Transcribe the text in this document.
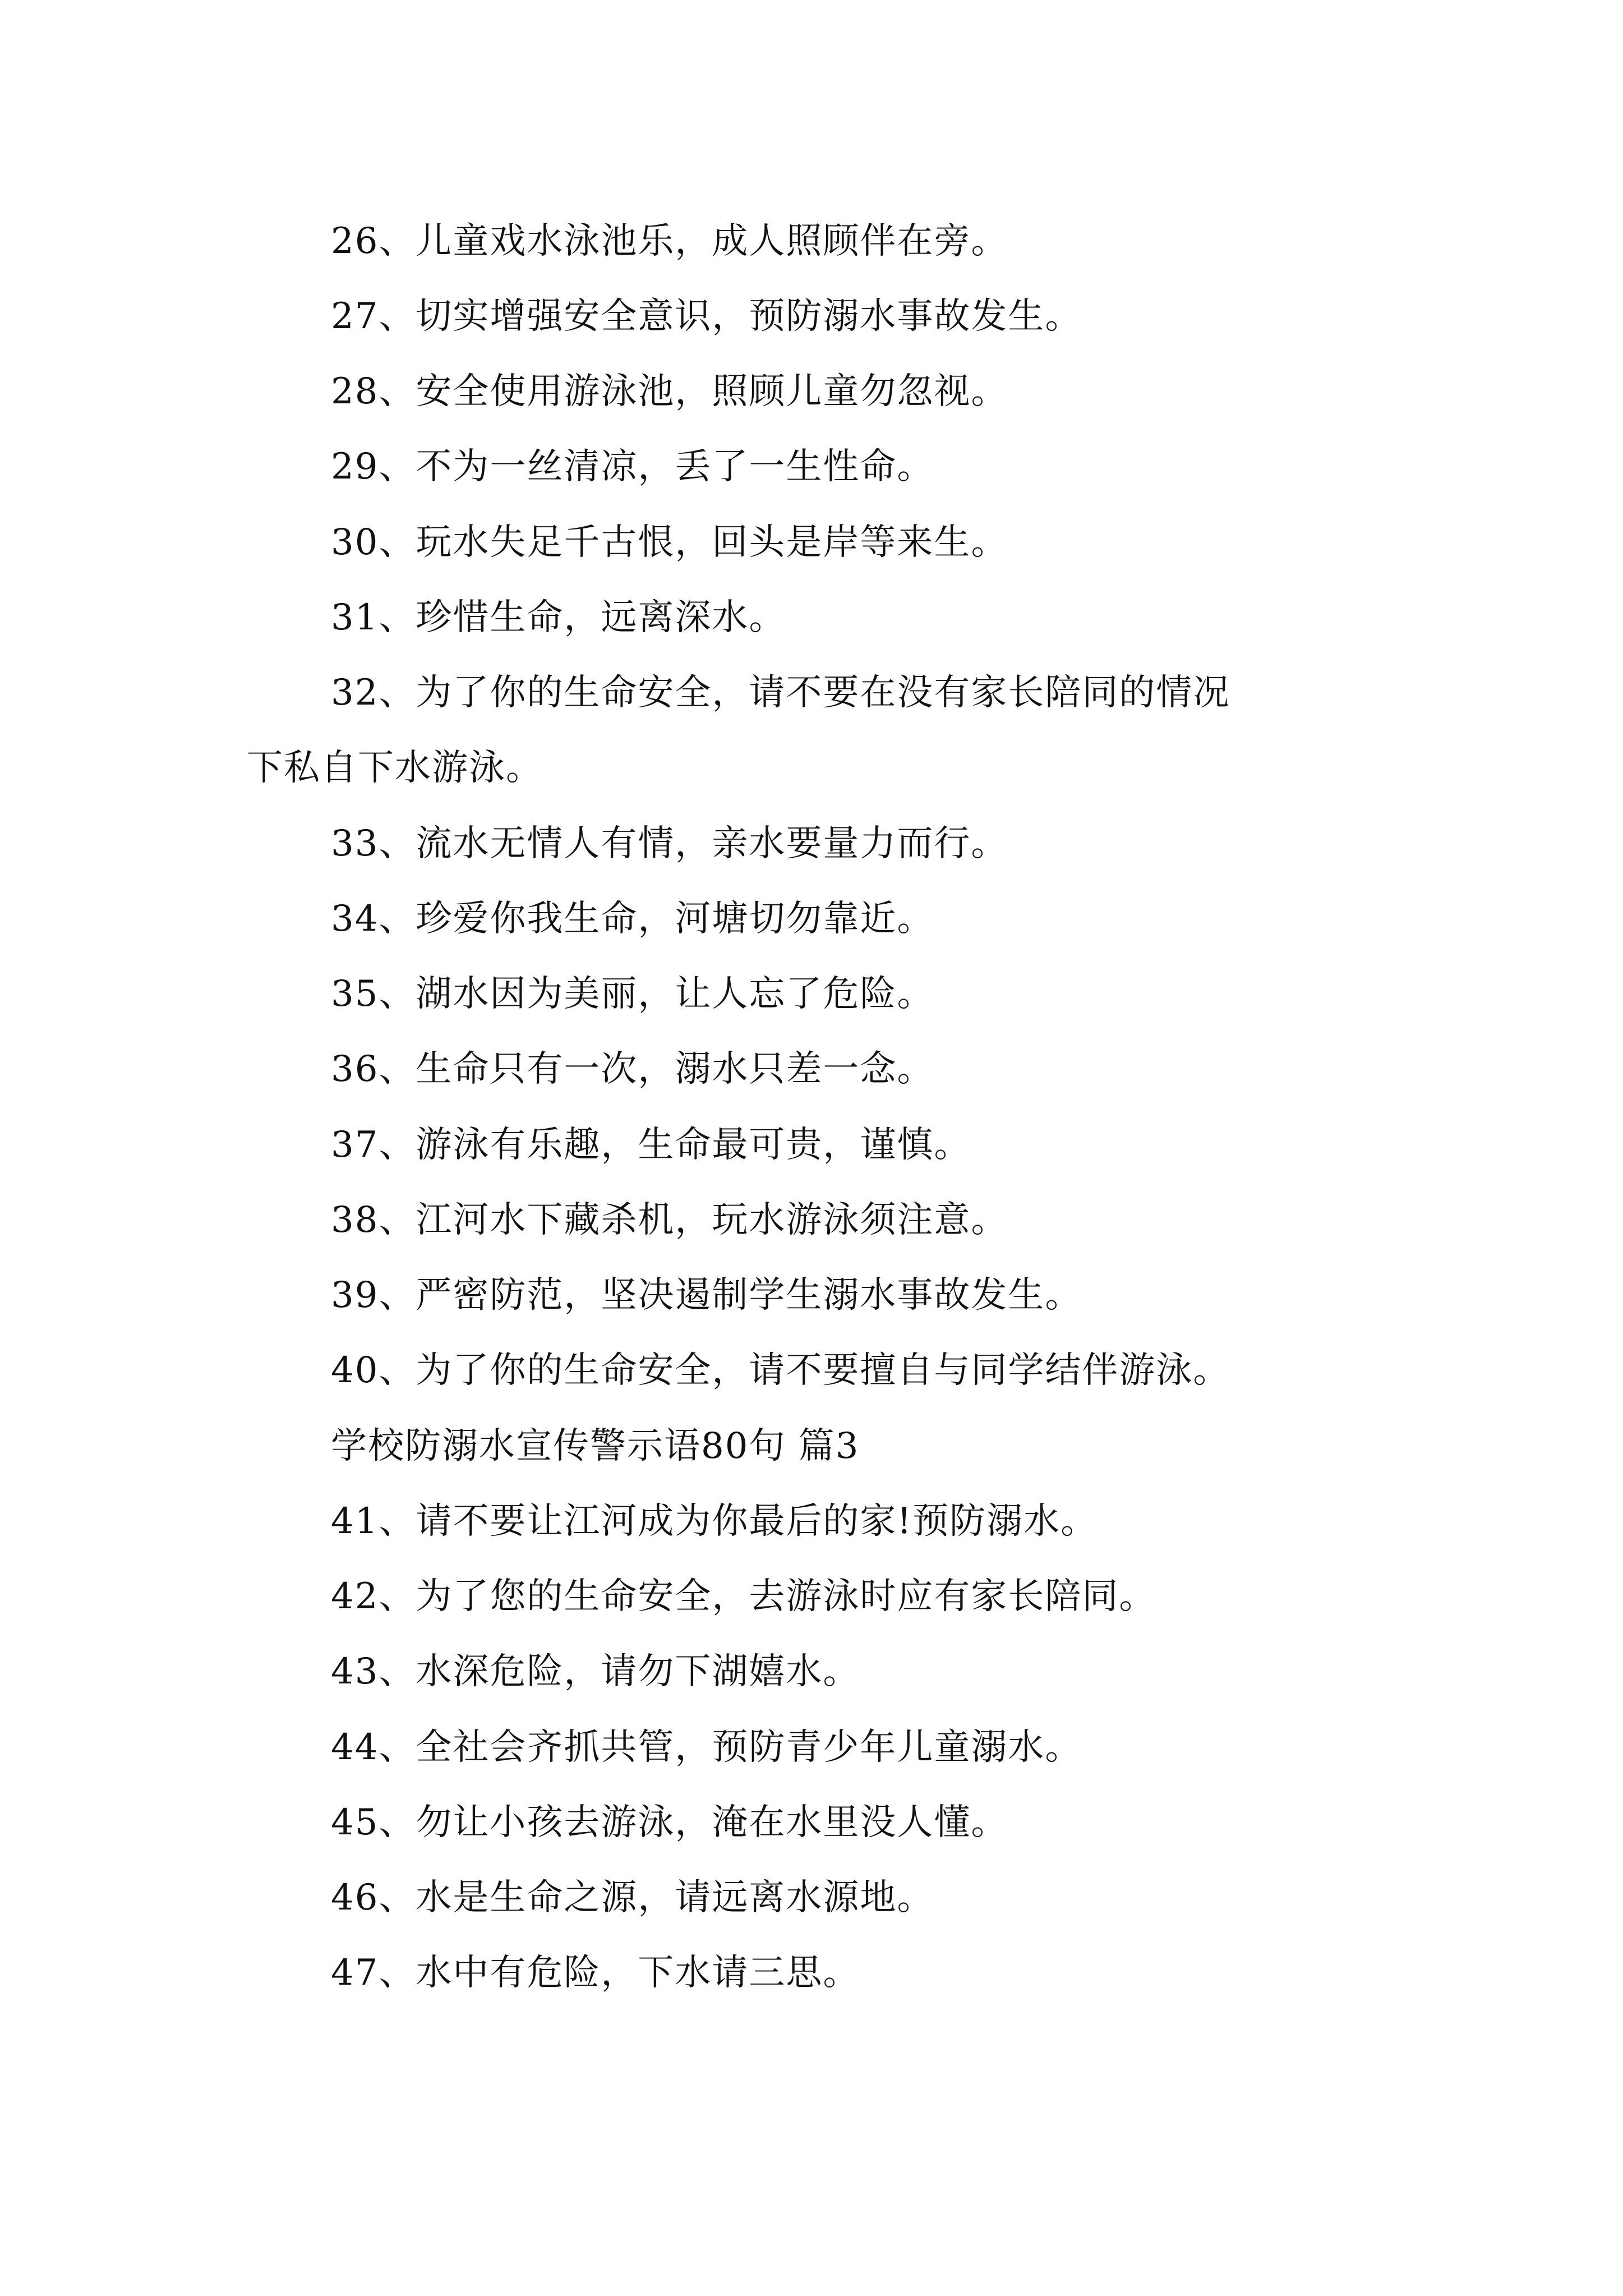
26、儿童戏水泳池乐，成人照顾伴在旁。
27、切实增强安全意识，预防溺水事故发生。
28、安全使用游泳池，照顾儿童勿忽视。
29、不为一丝清凉，丢了一生性命。
30、玩水失足千古恨，回头是岸等来生。
31、珍惜生命，远离深水。
32、为了你的生命安全，请不要在没有家长陪同的情况
下私自下水游泳。
33、流水无情人有情，亲水要量力而行。
34、珍爱你我生命，河塘切勿靠近。
35、湖水因为美丽，让人忘了危险。
36、生命只有一次，溺水只差一念。
37、游泳有乐趣，生命最可贵，谨慎。
38、江河水下藏杀机，玩水游泳须注意。
39、严密防范，坚决遏制学生溺水事故发生。
40、为了你的生命安全，请不要擅自与同学结伴游泳。
学校防溺水宣传警示语80句 篇3
41、请不要让江河成为你最后的家!预防溺水。
42、为了您的生命安全，去游泳时应有家长陪同。
43、水深危险，请勿下湖嬉水。
44、全社会齐抓共管，预防青少年儿童溺水。
45、勿让小孩去游泳，淹在水里没人懂。
46、水是生命之源，请远离水源地。
47、水中有危险，下水请三思。
